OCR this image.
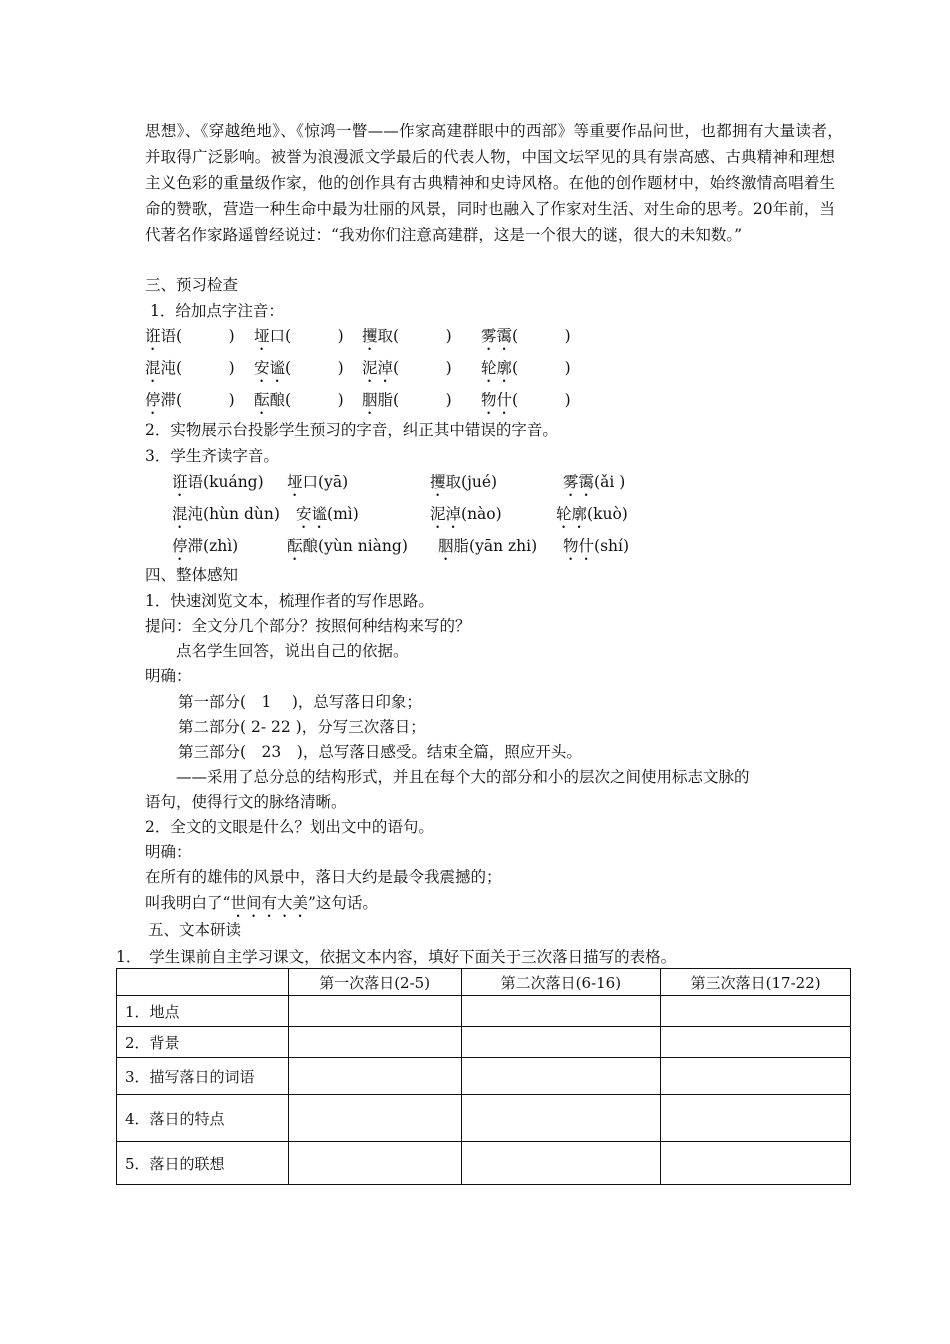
思想》、《穿越绝地》、《惊鸿一瞥——作家高建群眼中的西部》等重要作品问世，也都拥有大量读者，　并取得广泛影响。被誉为浪漫派文学最后的代表人物，中国文坛罕见的具有崇高感、古典精神和理想主义色彩的重量级作家，他的创作具有古典精神和史诗风格。在他的创作题材中，始终激情高唱着生命的赞歌，营造一种生命中最为壮丽的风景，同时也融入了作家对生活、对生命的思考。20年前，当代著名作家路遥曾经说过：“我劝你们注意高建群，这是一个很大的谜，很大的未知数。”
三、预习检查
1．给加点字注音：
诳语(　　　) 垭口(　　　) 攫取(　　　) 雾霭(　　　)
混沌(　　　) 安谧(　　　) 泥淖(　　　) 轮廓(　　　)
停滞(　　　) 酝酿(　　　) 胭脂(　　　) 物什(　　　)
2．实物展示台投影学生预习的字音，纠正其中错误的字音。
3．学生齐读字音。
诳语(kuáng) 垭口(yā)	攫取(jué)	雾霭(ǎi )
混沌(hùn dùn) 安谧(mì)	泥淖(nào)	轮廓(kuò)
停滞(zhì)	酝酿(yùn niàng) 胭脂(yān zhi) 物什(shí)
四、整体感知
1．快速浏览文本，梳理作者的写作思路。
提问：全文分几个部分？按照何种结构来写的？
点名学生回答，说出自己的依据。
明确：
第一部分(　1　 )，总写落日印象；
第二部分( 2- 22 )，分写三次落日；
第三部分(　23　)，总写落日感受。结束全篇，照应开头。
——采用了总分总的结构形式，并且在每个大的部分和小的层次之间使用标志文脉的
语句，使得行文的脉络清晰。
2．全文的文眼是什么？划出文中的语句。
明确：
在所有的雄伟的风景中，落日大约是最令我震撼的；
叫我明白了“世间有大美”这句话。
五、文本研读
1．　学生课前自主学习课文，依据文本内容，填好下面关于三次落日描写的表格。
	第一次落日(2-5)	第二次落日(6-16)	第三次落日(17-22)
1．地点			
2．背景			
3．描写落日的词语			
4．落日的特点			
5．落日的联想			
